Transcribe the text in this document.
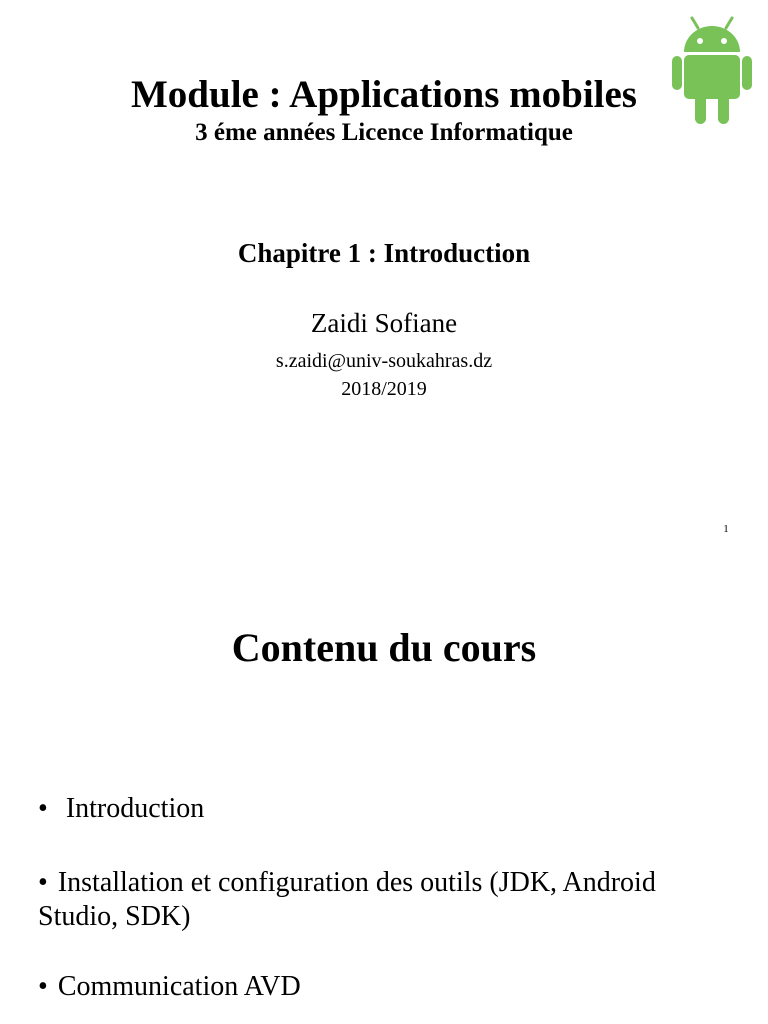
Module : Applications mobiles
3 éme années Licence Informatique
Chapitre 1 : Introduction
Zaidi Sofiane
s.zaidi@univ-soukahras.dz
2018/2019
1
Contenu du cours
• Introduction
• Installation et configuration des outils (JDK, Android Studio, SDK)
• Communication AVD
